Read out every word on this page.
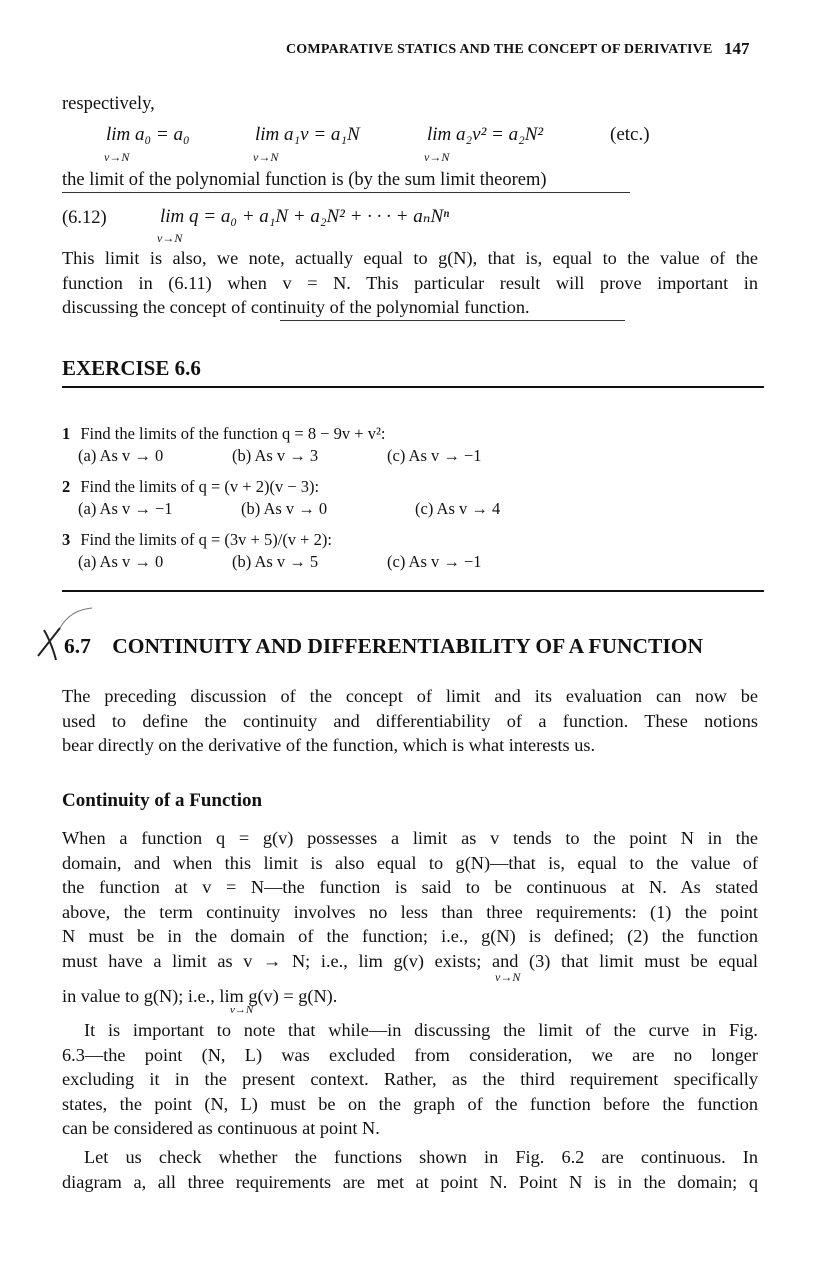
COMPARATIVE STATICS AND THE CONCEPT OF DERIVATIVE 147
respectively,
lim a₀ = a₀
v→N
lim a₁v = a₁N
v→N
lim a₂v² = a₂N²
v→N
(etc.)
the limit of the polynomial function is (by the sum limit theorem)
(6.12)	lim q = a₀ + a₁N + a₂N² + · · · + aₙNⁿ
v→N
This limit is also, we note, actually equal to g(N), that is, equal to the value of the
function in (6.11) when v = N. This particular result will prove important in
discussing the concept of continuity of the polynomial function.
EXERCISE 6.6
1 Find the limits of the function q = 8 − 9v + v²:
(a) As v → 0	(b) As v → 3	(c) As v → −1
2 Find the limits of q = (v + 2)(v − 3):
(a) As v → −1	(b) As v → 0	(c) As v → 4
3 Find the limits of q = (3v + 5)/(v + 2):
(a) As v → 0	(b) As v → 5	(c) As v → −1
6.7 CONTINUITY AND DIFFERENTIABILITY OF A FUNCTION
The preceding discussion of the concept of limit and its evaluation can now be
used to define the continuity and differentiability of a function. These notions
bear directly on the derivative of the function, which is what interests us.
Continuity of a Function
When a function q = g(v) possesses a limit as v tends to the point N in the
domain, and when this limit is also equal to g(N)—that is, equal to the value of
the function at v = N—the function is said to be continuous at N. As stated
above, the term continuity involves no less than three requirements: (1) the point
N must be in the domain of the function; i.e., g(N) is defined; (2) the function
must have a limit as v → N; i.e., lim g(v) exists; and (3) that limit must be equal
in value to g(N); i.e., lim g(v) = g(N).
v→N
v→N
It is important to note that while—in discussing the limit of the curve in Fig.
6.3—the point (N, L) was excluded from consideration, we are no longer
excluding it in the present context. Rather, as the third requirement specifically
states, the point (N, L) must be on the graph of the function before the function
can be considered as continuous at point N.
Let us check whether the functions shown in Fig. 6.2 are continuous. In
diagram a, all three requirements are met at point N. Point N is in the domain; q
